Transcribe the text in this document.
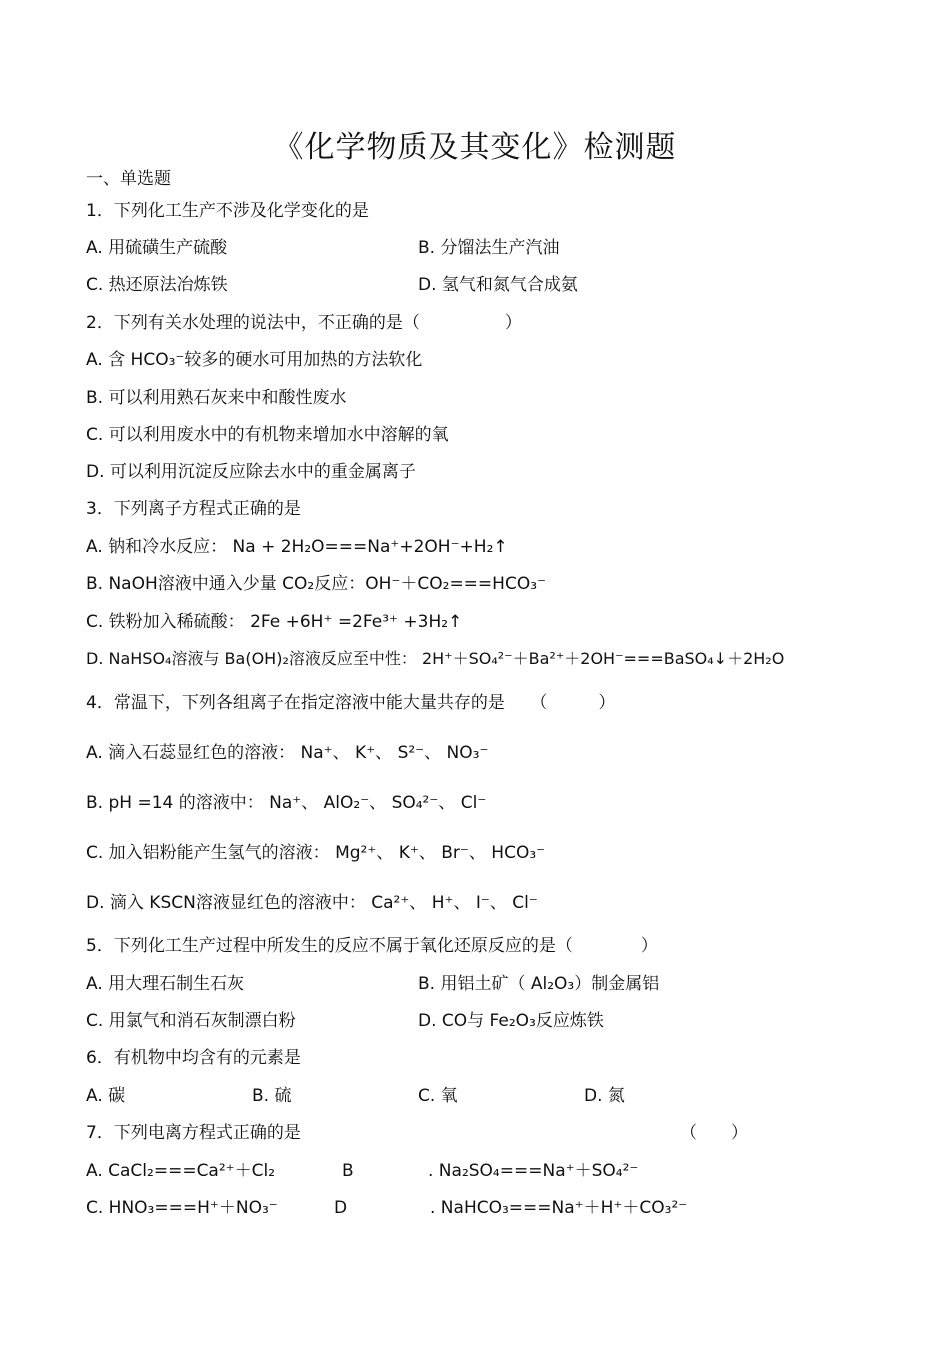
《化学物质及其变化》检测题
一、单选题
1．下列化工生产不涉及化学变化的是
A. 用硫磺生产硫酸	B. 分馏法生产汽油
C. 热还原法冶炼铁	D. 氢气和氮气合成氨
2．下列有关水处理的说法中，不正确的是（　　　　　）
A. 含 HCO₃⁻较多的硬水可用加热的方法软化
B. 可以利用熟石灰来中和酸性废水
C. 可以利用废水中的有机物来增加水中溶解的氧
D. 可以利用沉淀反应除去水中的重金属离子
3．下列离子方程式正确的是
A. 钠和冷水反应： Na + 2H₂O===Na⁺+2OH⁻+H₂↑
B. NaOH溶液中通入少量 CO₂反应：OH⁻＋CO₂===HCO₃⁻
C. 铁粉加入稀硫酸： 2Fe +6H⁺ =2Fe³⁺ +3H₂↑
D. NaHSO₄溶液与 Ba(OH)₂溶液反应至中性： 2H⁺＋SO₄²⁻＋Ba²⁺＋2OH⁻===BaSO₄↓＋2H₂O
4．常温下，下列各组离子在指定溶液中能大量共存的是　　（　　　）
A. 滴入石蕊显红色的溶液： Na⁺、 K⁺、 S²⁻、 NO₃⁻
B. pH =14 的溶液中： Na⁺、 AlO₂⁻、 SO₄²⁻、 Cl⁻
C. 加入铝粉能产生氢气的溶液： Mg²⁺、 K⁺、 Br⁻、 HCO₃⁻
D. 滴入 KSCN溶液显红色的溶液中： Ca²⁺、 H⁺、 I⁻、 Cl⁻
5．下列化工生产过程中所发生的反应不属于氧化还原反应的是（　　　　）
A. 用大理石制生石灰	B. 用铝土矿（ Al₂O₃）制金属铝
C. 用氯气和消石灰制漂白粉	D. CO与 Fe₂O₃反应炼铁
6．有机物中均含有的元素是
A. 碳	B. 硫	C. 氧	D. 氮
7．下列电离方程式正确的是	（　　）
A. CaCl₂===Ca²⁺＋Cl₂	B	. Na₂SO₄===Na⁺＋SO₄²⁻
C. HNO₃===H⁺＋NO₃⁻	D	. NaHCO₃===Na⁺＋H⁺＋CO₃²⁻
